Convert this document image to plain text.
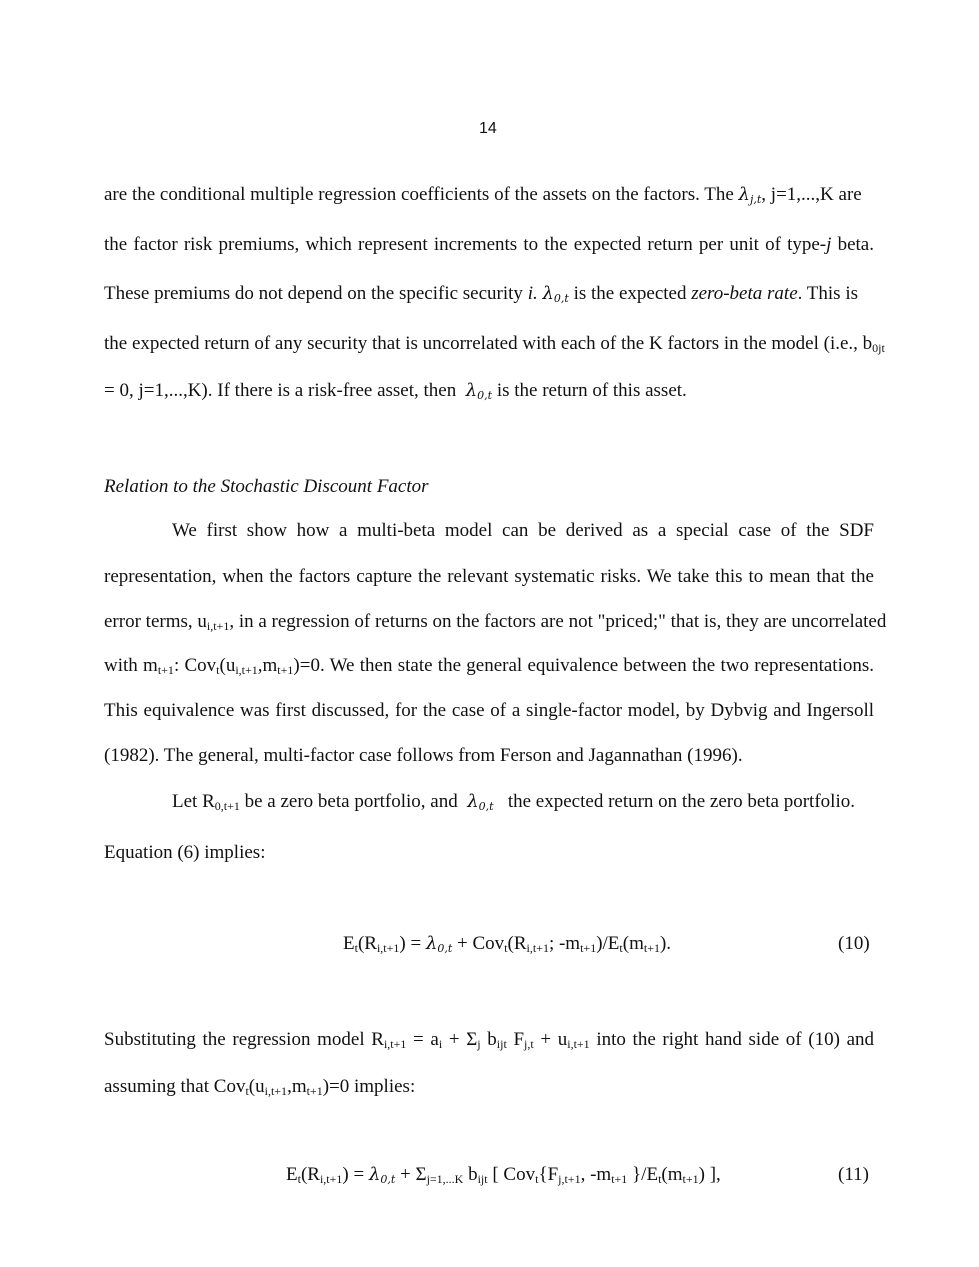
14
are the conditional multiple regression coefficients of the assets on the factors. The $\lambda_{j,t}$, j=1,...,K are
the factor risk premiums, which represent increments to the expected return per unit of type-j beta.
These premiums do not depend on the specific security i. $\lambda_{0,t}$ is the expected zero-beta rate. This is
the expected return of any security that is uncorrelated with each of the K factors in the model (i.e., $b_{0jt}$
= 0, j=1,...,K). If there is a risk-free asset, then $\lambda_{0,t}$ is the return of this asset.
Relation to the Stochastic Discount Factor
We first show how a multi-beta model can be derived as a special case of the SDF
representation, when the factors capture the relevant systematic risks. We take this to mean that the
error terms, $u_{i,t+1}$, in a regression of returns on the factors are not "priced;" that is, they are uncorrelated
with $m_{t+1}$: $Cov_t(u_{i,t+1},m_{t+1})=0$. We then state the general equivalence between the two representations.
This equivalence was first discussed, for the case of a single-factor model, by Dybvig and Ingersoll
(1982). The general, multi-factor case follows from Ferson and Jagannathan (1996).
Let $R_{0,t+1}$ be a zero beta portfolio, and $\lambda_{0,t}$ the expected return on the zero beta portfolio.
Equation (6) implies:
$E_t(R_{i,t+1}) = \lambda_{0,t} + Cov_t(R_{i,t+1}$; $-m_{t+1})/E_t(m_{t+1})$.	(10)
Substituting the regression model $R_{i,t+1} = a_i + \Sigma_j$ $b_{ijt}$ $F_{j,t} + u_{i,t+1}$ into the right hand side of (10) and
assuming that $Cov_t(u_{i,t+1},m_{t+1})=0$ implies:
$E_t(R_{i,t+1}) = \lambda_{0,t} + \Sigma_{j=1,...K}$ $b_{ijt}$ [ $Cov_t\{F_{j,t+1}$, $-m_{t+1}$ }$/E_t(m_{t+1})$ ],	(11)
